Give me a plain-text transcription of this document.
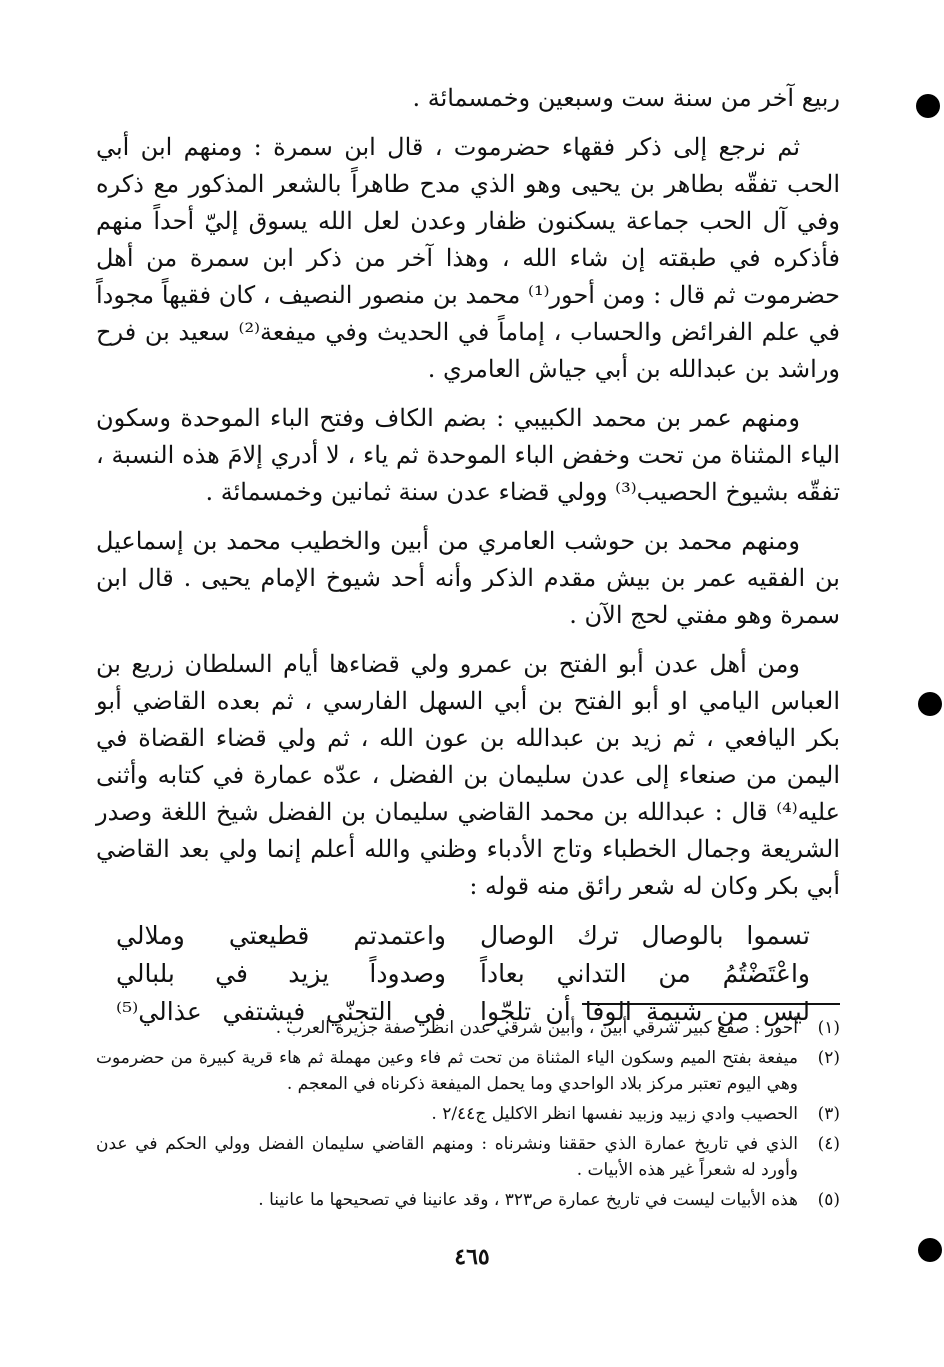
ربيع آخر من سنة ست وسبعين وخمسمائة .

ثم نرجع إلى ذكر فقهاء حضرموت ، قال ابن سمرة : ومنهم ابن أبي الحب تفقّه بطاهر بن يحيى وهو الذي مدح طاهراً بالشعر المذكور مع ذكره وفي آل الحب جماعة يسكنون ظفار وعدن لعل الله يسوق إليّ أحداً منهم فأذكره في طبقته إن شاء الله ، وهذا آخر من ذكر ابن سمرة من أهل حضرموت ثم قال : ومن أحور⁽¹⁾ محمد بن منصور النصيف ، كان فقيهاً مجوداً في علم الفرائض والحساب ، إماماً في الحديث وفي ميفعة⁽²⁾ سعيد بن فرح وراشد بن عبدالله بن أبي جياش العامري .

ومنهم عمر بن محمد الكبيبي : بضم الكاف وفتح الباء الموحدة وسكون الياء المثناة من تحت وخفض الباء الموحدة ثم ياء ، لا أدري إلامَ هذه النسبة ، تفقّه بشيوخ الحصيب⁽³⁾ وولي قضاء عدن سنة ثمانين وخمسمائة .

ومنهم محمد بن حوشب العامري من أبين والخطيب محمد بن إسماعيل بن الفقيه عمر بن بيش مقدم الذكر وأنه أحد شيوخ الإمام يحيى . قال ابن سمرة وهو مفتي لحج الآن .

ومن أهل عدن أبو الفتح بن عمرو ولي قضاءها أيام السلطان زريع بن العباس اليامي او أبو الفتح بن أبي السهل الفارسي ، ثم بعده القاضي أبو بكر اليافعي ، ثم زيد بن عبدالله بن عون الله ، ثم ولي قضاء القضاة في اليمن من صنعاء إلى عدن سليمان بن الفضل ، عدّه عمارة في كتابه وأثنى عليه⁽⁴⁾ قال : عبدالله بن محمد القاضي سليمان بن الفضل شيخ اللغة وصدر الشريعة وجمال الخطباء وتاج الأدباء وظني والله أعلم إنما ولي بعد القاضي أبي بكر وكان له شعر رائق منه قوله :

تسموا بالوصال ترك الوصال
واعتمدتم قطيعتي وملالي
واعْتَضْتُمُ من التداني بعاداً
وصدوداً يزيد في بلبالي
ليس من شيمة الوفا أن تلجّوا
في التجنّي فيشتفي عذالي⁽⁵⁾
(١)
أحور : صقع كبير شرقي أبين ، وأبين شرقي عدن انظر صفة جزيرة العرب .
(٢)
ميفعة بفتح الميم وسكون الياء المثناة من تحت ثم فاء وعين مهملة ثم هاء قرية كبيرة من حضرموت وهي اليوم تعتبر مركز بلاد الواحدي وما يحمل الميفعة ذكرناه في المعجم .
(٣)
الحصيب وادي زبيد وزبيد نفسها انظر الاكليل ج٢/٤٤ .
(٤)
الذي في تاريخ عمارة الذي حققنا ونشرناه : ومنهم القاضي سليمان الفضل وولي الحكم في عدن وأورد له شعراً غير هذه الأبيات .
(٥)
هذه الأبيات ليست في تاريخ عمارة ص٣٢٣ ، وقد عانينا في تصحيحها ما عانينا .
٤٦٥
